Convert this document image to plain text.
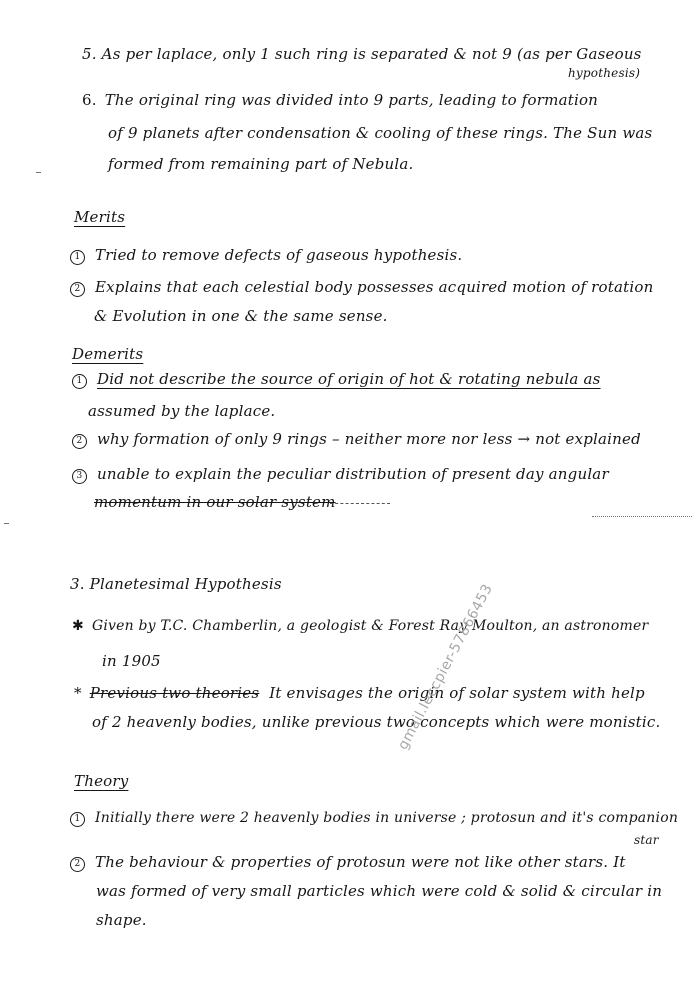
5. As per laplace, only 1 such ring is separated & not 9 (as per Gaseous
hypothesis)
6. The original ring was divided into 9 parts, leading to formation
of 9 planets after condensation & cooling of these rings. The Sun was
formed from remaining part of Nebula.
Merits
1 Tried to remove defects of gaseous hypothesis.
2 Explains that each celestial body possesses acquired motion of rotation
& Evolution in one & the same sense.
Demerits
1 Did not describe the source of origin of hot & rotating nebula as
assumed by the laplace.
2 why formation of only 9 rings – neither more nor less → not explained
3 unable to explain the peculiar distribution of present day angular
momentum in our solar system
3. Planetesimal Hypothesis
✱ Given by T.C. Chamberlin, a geologist & Forest Ray Moulton, an astronomer
in 1905
* Previous two theories It envisages the origin of solar system with help
of 2 heavenly bodies, unlike previous two concepts which were monistic.
Theory
1 Initially there were 2 heavenly bodies in universe ; protosun and it's companion
star
2 The behaviour & properties of protosun were not like other stars. It
was formed of very small particles which were cold & solid & circular in
shape.
gmail.leccpier-57866453
